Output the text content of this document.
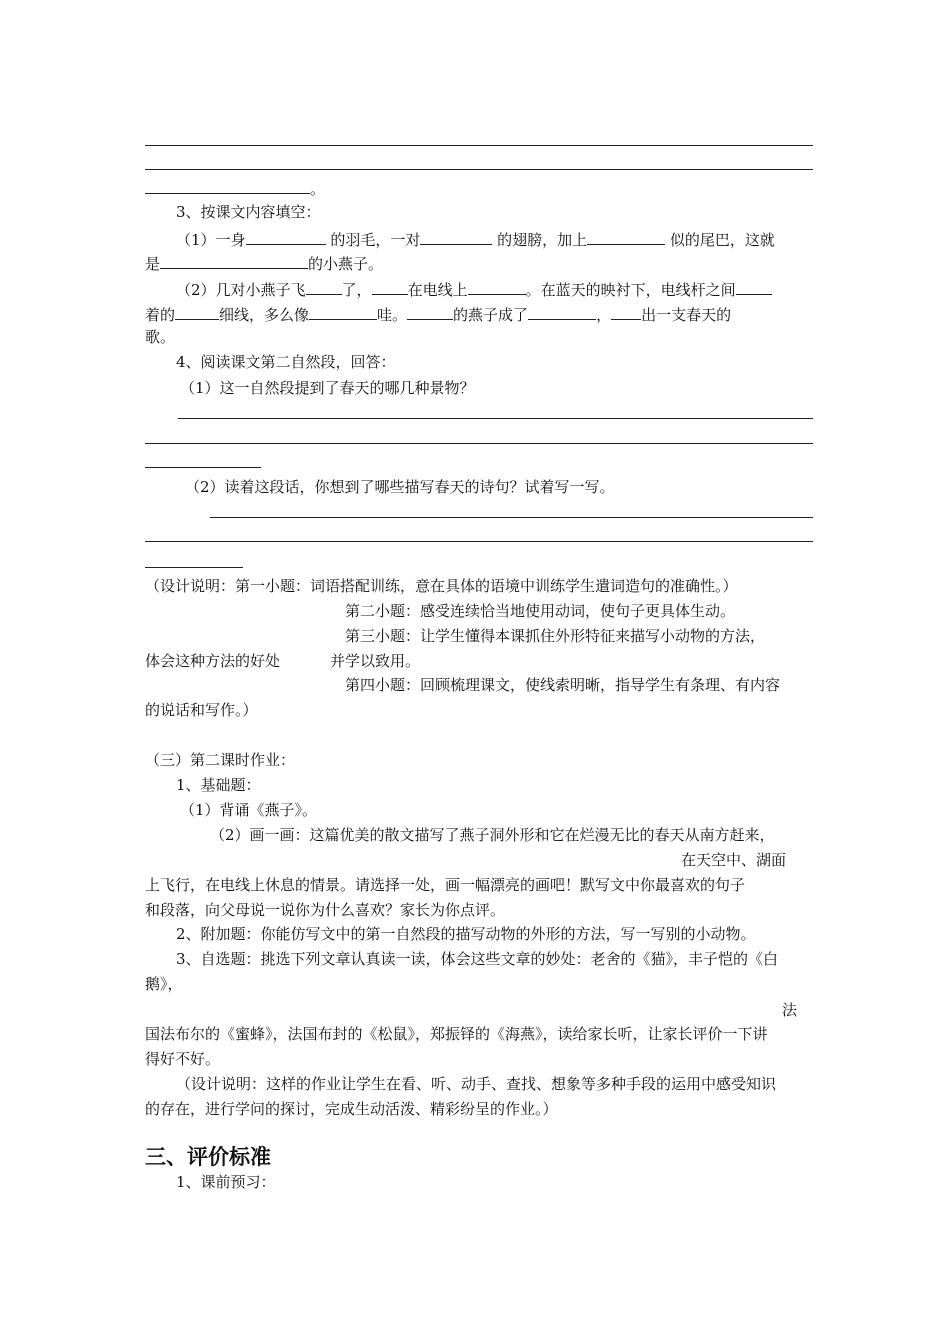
。
3、按课文内容填空：
（1）一身	的羽毛，一对	的翅膀，加上	似的尾巴，这就
是	的小燕子。
（2）几对小燕子飞 了， 在电线上	。在蓝天的映衬下，电线杆之间
着的	细线，多么像	哇。	的燕子成了	， 出一支春天的
歌。
4、阅读课文第二自然段，回答：
（1）这一自然段提到了春天的哪几种景物？
（2）读着这段话，你想到了哪些描写春天的诗句？试着写一写。
（设计说明：第一小题：词语搭配训练，意在具体的语境中训练学生遣词造句的准确性。）
第二小题：感受连续恰当地使用动词，使句子更具体生动。
第三小题：让学生懂得本课抓住外形特征来描写小动物的方法，
体会这种方法的好处	并学以致用。
第四小题：回顾梳理课文，使线索明晰，指导学生有条理、有内容
的说话和写作。）
（三）第二课时作业：
1、基础题：
（1）背诵《燕子》。
（2）画一画：这篇优美的散文描写了燕子洞外形和它在烂漫无比的春天从南方赶来，
在天空中、湖面
上飞行，在电线上休息的情景。请选择一处，画一幅漂亮的画吧！默写文中你最喜欢的句子
和段落，向父母说一说你为什么喜欢？家长为你点评。
2、附加题：你能仿写文中的第一自然段的描写动物的外形的方法，写一写别的小动物。
3、自选题：挑选下列文章认真读一读，体会这些文章的妙处：老舍的《猫》，丰子恺的《白
鹅》，
法
国法布尔的《蜜蜂》，法国布封的《松鼠》，郑振铎的《海燕》，读给家长听，让家长评价一下讲
得好不好。
（设计说明：这样的作业让学生在看、听、动手、查找、想象等多种手段的运用中感受知识
的存在，进行学问的探讨，完成生动活泼、精彩纷呈的作业。）
三、评价标准
1、课前预习：
